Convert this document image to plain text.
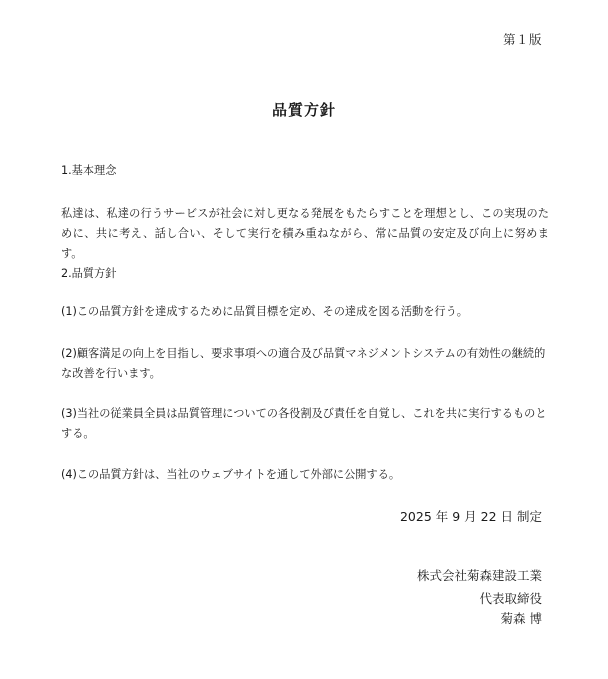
第１版
品質方針
1.基本理念
私達は、私達の行うサービスが社会に対し更なる発展をもたらすことを理想とし、この実現のために、共に考え、話し合い、そして実行を積み重ねながら、常に品質の安定及び向上に努めます。
2.品質方針
(1)この品質方針を達成するために品質目標を定め、その達成を図る活動を行う。
(2)顧客満足の向上を目指し、要求事項への適合及び品質マネジメントシステムの有効性の継続的な改善を行います。
(3)当社の従業員全員は品質管理についての各役割及び責任を自覚し、これを共に実行するものとする。
(4)この品質方針は、当社のウェブサイトを通して外部に公開する。
2025 年 9 月 22 日 制定
株式会社菊森建設工業
代表取締役
菊森 博
